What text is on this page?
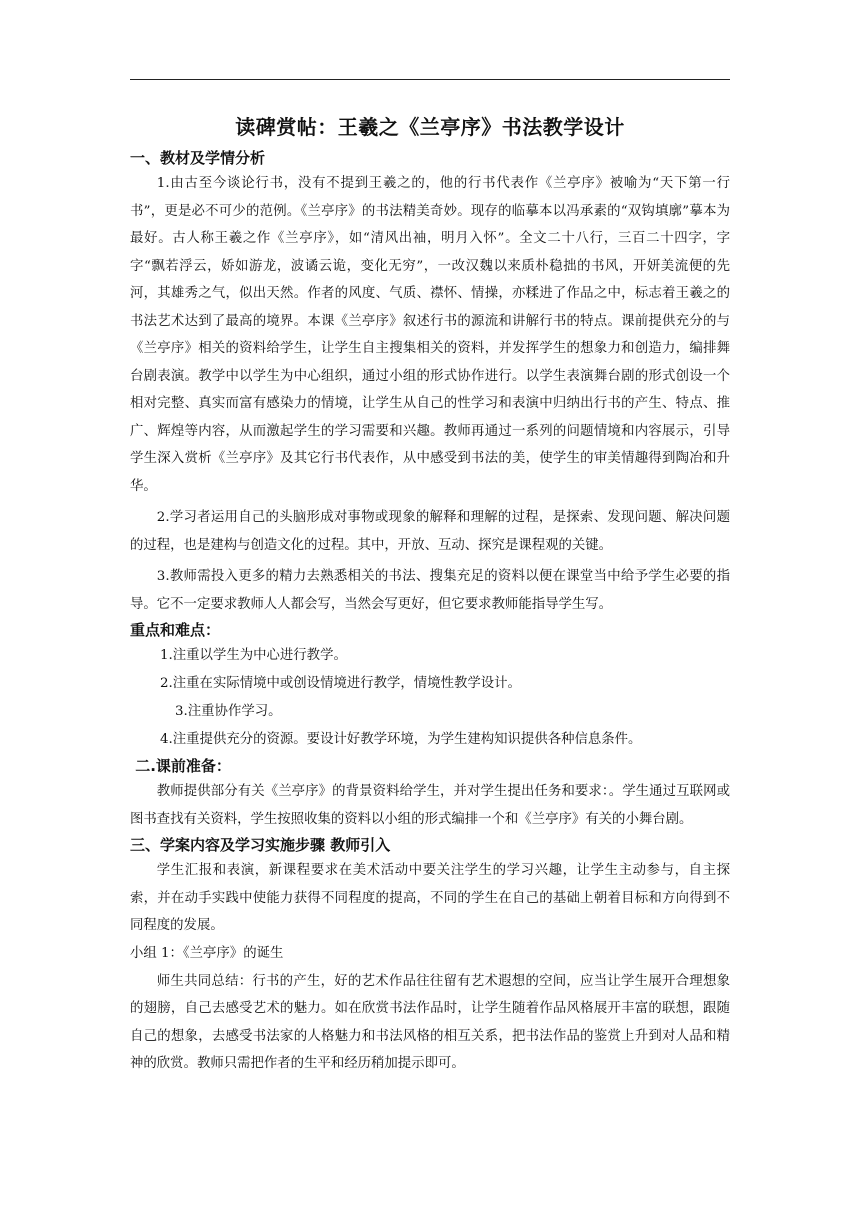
读碑赏帖：王羲之《兰亭序》书法教学设计
一、教材及学情分析

1.由古至今谈论行书，没有不提到王羲之的，他的行书代表作《兰亭序》被喻为“天下第一行书”，更是必不可少的范例。《兰亭序》的书法精美奇妙。现存的临摹本以冯承素的“双钩填廓”摹本为最好。古人称王羲之作《兰亭序》，如“清风出袖，明月入怀”。全文二十八行，三百二十四字，字字“飘若浮云，娇如游龙，波谲云诡，变化无穷”，一改汉魏以来质朴稳拙的书风，开妍美流便的先河，其雄秀之气，似出天然。作者的风度、气质、襟怀、情操，亦糅进了作品之中，标志着王羲之的书法艺术达到了最高的境界。本课《兰亭序》叙述行书的源流和讲解行书的特点。课前提供充分的与《兰亭序》相关的资料给学生，让学生自主搜集相关的资料，并发挥学生的想象力和创造力，编排舞台剧表演。教学中以学生为中心组织，通过小组的形式协作进行。以学生表演舞台剧的形式创设一个相对完整、真实而富有感染力的情境，让学生从自己的性学习和表演中归纳出行书的产生、特点、推广、辉煌等内容，从而激起学生的学习需要和兴趣。教师再通过一系列的问题情境和内容展示，引导学生深入赏析《兰亭序》及其它行书代表作，从中感受到书法的美，使学生的审美情趣得到陶冶和升华。

2.学习者运用自己的头脑形成对事物或现象的解释和理解的过程，是探索、发现问题、解决问题的过程，也是建构与创造文化的过程。其中，开放、互动、探究是课程观的关键。

3.教师需投入更多的精力去熟悉相关的书法、搜集充足的资料以便在课堂当中给予学生必要的指导。它不一定要求教师人人都会写，当然会写更好，但它要求教师能指导学生写。

重点和难点：

1.注重以学生为中心进行教学。

2.注重在实际情境中或创设情境进行教学，情境性教学设计。

3.注重协作学习。

4.注重提供充分的资源。要设计好教学环境，为学生建构知识提供各种信息条件。

二.课前准备：

教师提供部分有关《兰亭序》的背景资料给学生，并对学生提出任务和要求：。学生通过互联网或图书查找有关资料，学生按照收集的资料以小组的形式编排一个和《兰亭序》有关的小舞台剧。

三、学案内容及学习实施步骤 教师引入

学生汇报和表演，新课程要求在美术活动中要关注学生的学习兴趣，让学生主动参与，自主探索，并在动手实践中使能力获得不同程度的提高，不同的学生在自己的基础上朝着目标和方向得到不同程度的发展。

小组 1：《兰亭序》的诞生

师生共同总结：行书的产生，好的艺术作品往往留有艺术遐想的空间，应当让学生展开合理想象的翅膀，自己去感受艺术的魅力。如在欣赏书法作品时，让学生随着作品风格展开丰富的联想，跟随自己的想象，去感受书法家的人格魅力和书法风格的相互关系，把书法作品的鉴赏上升到对人品和精神的欣赏。教师只需把作者的生平和经历稍加提示即可。
